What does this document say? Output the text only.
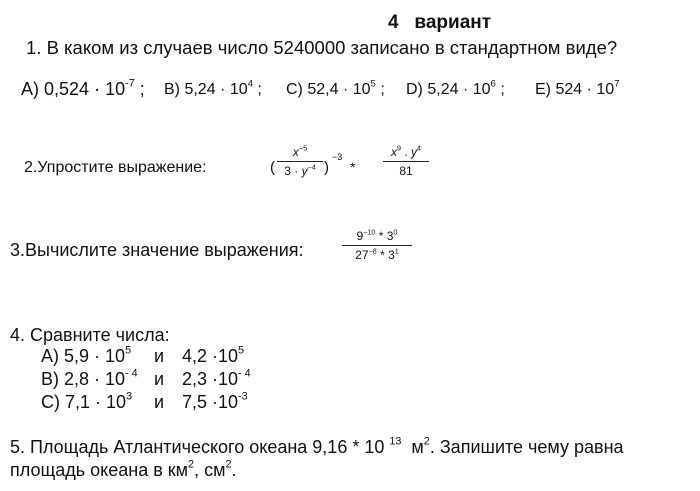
4 вариант
1. В каком из случаев число 5240000 записано в стандартном виде?
A) $0,524 \cdot 10^{-7}$ ; B) $5,24 \cdot 10^4$ ; C) $52,4 \cdot 10^5$ ; D) $5,24 \cdot 10^6$ ; E) $524 \cdot 10^7$
2.Упростите выражение:	(
$x^{-5}$
$3 \cdot y^{-4}$ )
−3
*
$x^9$ . $y^4$
81
3.Вычислите значение выражения:
$9^{-10} * 3^0$
$27^{-8} * 3^1$
4. Сравните числа:
A) $5,9 \cdot 10^5$ и $4,2 \cdot 10^5$
B) $2,8 \cdot 10^{- 4}$ и $2,3 \cdot 10^{- 4}$
C) $7,1 \cdot 10^3$ и $7,5 \cdot 10^{-3}$
5. Площадь Атлантического океана 9,16 * 10 $^{13}$ $м^2$. Запишите чему равна
площадь океана в $км^2$, $см^2$.
